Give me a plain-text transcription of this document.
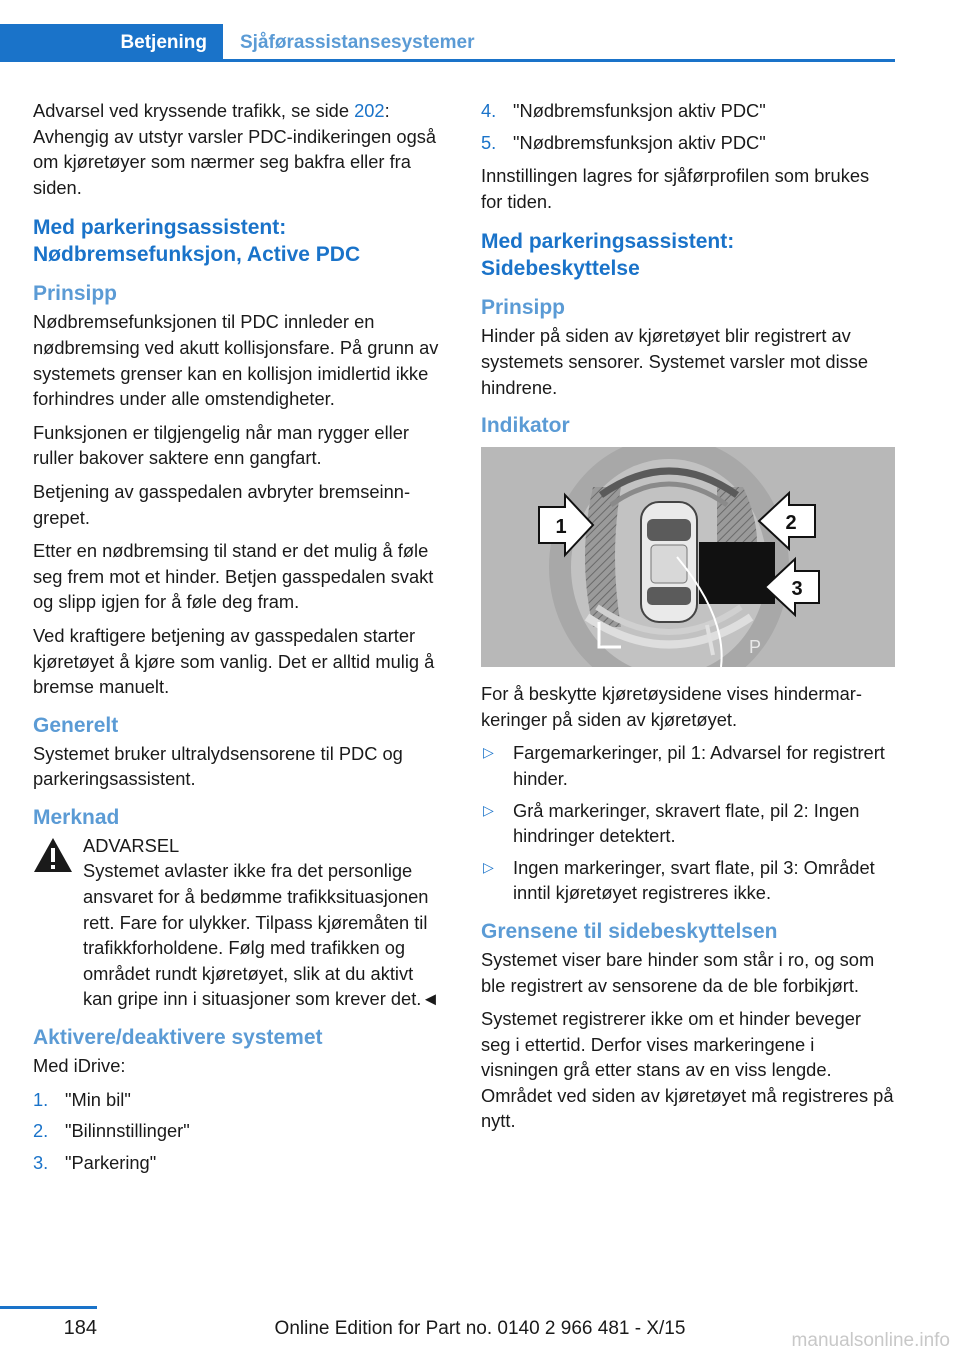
Betjening Sjåførassistansesystemer

Advarsel ved kryssende trafikk, se side 202: Avhengig av utstyr varsler PDC-indikeringen også om kjøretøyer som nærmer seg bakfra eller fra siden.

Med parkeringsassistent: Nødbremsefunksjon, Active PDC
Prinsipp

Nødbremsefunksjonen til PDC innleder en nødbremsing ved akutt kollisjonsfare. På grunn av systemets grenser kan en kollisjon imidlertid ikke forhindres under alle omstendigheter.

Funksjonen er tilgjengelig når man rygger eller ruller bakover saktere enn gangfart.

Betjening av gasspedalen avbryter bremseinngrepet.

Etter en nødbremsing til stand er det mulig å føle seg frem mot et hinder. Betjen gasspedalen svakt og slipp igjen for å føle deg fram.

Ved kraftigere betjening av gasspedalen starter kjøretøyet å kjøre som vanlig. Det er alltid mulig å bremse manuelt.

Generelt

Systemet bruker ultralydsensorene til PDC og parkeringsassistent.

Merknad
ADVARSEL
Systemet avlaster ikke fra det personlige ansvaret for å bedømme trafikksituasjonen rett. Fare for ulykker. Tilpass kjøremåten til trafikkforholdene. Følg med trafikken og området rundt kjøretøyet, slik at du aktivt kan gripe inn i situasjoner som krever det.◄
Aktivere/deaktivere systemet

Med iDrive:

1. "Min bil"
2. "Bilinnstillinger"
3. "Parkering"
4. "Nødbremsfunksjon aktiv PDC"
5. "Nødbremsfunksjon aktiv PDC"

Innstillingen lagres for sjåførprofilen som brukes for tiden.

Med parkeringsassistent: Sidebeskyttelse
Prinsipp

Hinder på siden av kjøretøyet blir registrert av systemets sensorer. Systemet varsler mot disse hindrene.

Indikator
P
1	2
3

For å beskytte kjøretøysidene vises hindermarkeringer på siden av kjøretøyet.

▷ Fargemarkeringer, pil 1: Advarsel for registrert hinder.
▷ Grå markeringer, skravert flate, pil 2: Ingen hindringer detektert.
▷ Ingen markeringer, svart flate, pil 3: Området inntil kjøretøyet registreres ikke.
Grensene til sidebeskyttelsen

Systemet viser bare hinder som står i ro, og som ble registrert av sensorene da de ble forbikjørt.

Systemet registrerer ikke om et hinder beveger seg i ettertid. Derfor vises markeringene i visningen grå etter stans av en viss lengde. Området ved siden av kjøretøyet må registreres på nytt.

184	Online Edition for Part no. 0140 2 966 481 - X/15
manualsonline.info
